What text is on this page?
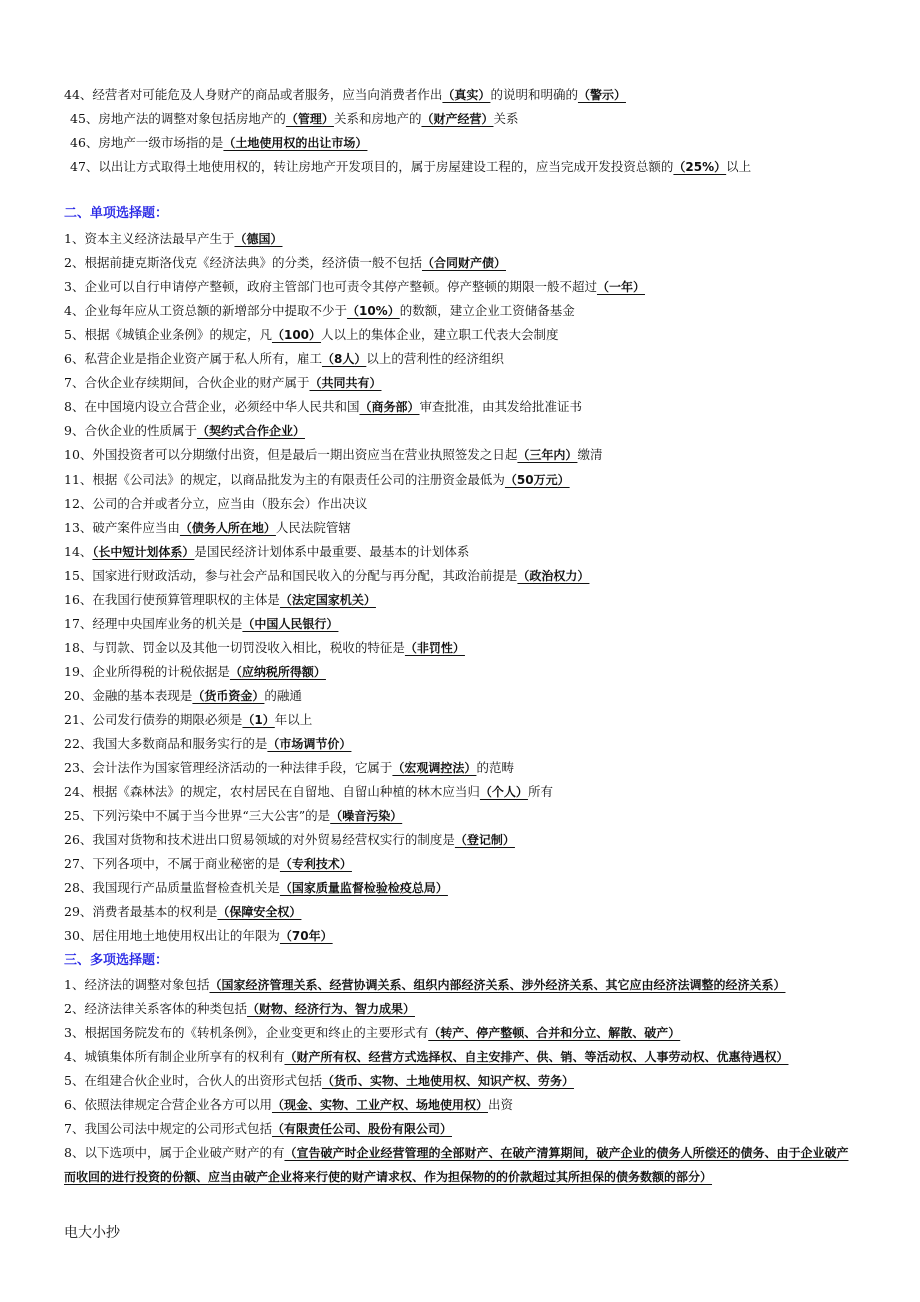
44、经营者对可能危及人身财产的商品或者服务，应当向消费者作出（真实）的说明和明确的（警示）
45、房地产法的调整对象包括房地产的（管理）关系和房地产的（财产经营）关系
46、房地产一级市场指的是（土地使用权的出让市场）
47、以出让方式取得土地使用权的，转让房地产开发项目的，属于房屋建设工程的，应当完成开发投资总额的（25%）以上
二、单项选择题：
1、资本主义经济法最早产生于（德国）
2、根据前捷克斯洛伐克《经济法典》的分类，经济债一般不包括（合同财产债）
3、企业可以自行申请停产整顿，政府主管部门也可责令其停产整顿。停产整顿的期限一般不超过（一年）
4、企业每年应从工资总额的新增部分中提取不少于（10%）的数额，建立企业工资储备基金
5、根据《城镇企业条例》的规定，凡（100）人以上的集体企业，建立职工代表大会制度
6、私营企业是指企业资产属于私人所有，雇工（8人）以上的营利性的经济组织
7、合伙企业存续期间，合伙企业的财产属于（共同共有）
8、在中国境内设立合营企业，必须经中华人民共和国（商务部）审查批准，由其发给批准证书
9、合伙企业的性质属于（契约式合作企业）
10、外国投资者可以分期缴付出资，但是最后一期出资应当在营业执照签发之日起（三年内）缴清
11、根据《公司法》的规定，以商品批发为主的有限责任公司的注册资金最低为（50万元）
12、公司的合并或者分立，应当由（股东会）作出决议
13、破产案件应当由（债务人所在地）人民法院管辖
14、（长中短计划体系）是国民经济计划体系中最重要、最基本的计划体系
15、国家进行财政活动，参与社会产品和国民收入的分配与再分配，其政治前提是（政治权力）
16、在我国行使预算管理职权的主体是（法定国家机关）
17、经理中央国库业务的机关是（中国人民银行）
18、与罚款、罚金以及其他一切罚没收入相比，税收的特征是（非罚性）
19、企业所得税的计税依据是（应纳税所得额）
20、金融的基本表现是（货币资金）的融通
21、公司发行债券的期限必须是（1）年以上
22、我国大多数商品和服务实行的是（市场调节价）
23、会计法作为国家管理经济活动的一种法律手段，它属于（宏观调控法）的范畴
24、根据《森林法》的规定，农村居民在自留地、自留山种植的林木应当归（个人）所有
25、下列污染中不属于当今世界“三大公害”的是（噪音污染）
26、我国对货物和技术进出口贸易领域的对外贸易经营权实行的制度是（登记制）
27、下列各项中，不属于商业秘密的是（专利技术）
28、我国现行产品质量监督检查机关是（国家质量监督检验检疫总局）
29、消费者最基本的权利是（保障安全权）
30、居住用地土地使用权出让的年限为（70年）
三、多项选择题：
1、经济法的调整对象包括（国家经济管理关系、经营协调关系、组织内部经济关系、涉外经济关系、其它应由经济法调整的经济关系）
2、经济法律关系客体的种类包括（财物、经济行为、智力成果）
3、根据国务院发布的《转机条例》，企业变更和终止的主要形式有（转产、停产整顿、合并和分立、解散、破产）
4、城镇集体所有制企业所享有的权利有（财产所有权、经营方式选择权、自主安排产、供、销、等活动权、人事劳动权、优惠待遇权）
5、在组建合伙企业时，合伙人的出资形式包括（货币、实物、土地使用权、知识产权、劳务）
6、依照法律规定合营企业各方可以用（现金、实物、工业产权、场地使用权）出资
7、我国公司法中规定的公司形式包括（有限责任公司、股份有限公司）
8、以下选项中，属于企业破产财产的有（宣告破产时企业经营管理的全部财产、在破产清算期间，破产企业的债务人所偿还的债务、由于企业破产而收回的进行投资的份额、应当由破产企业将来行使的财产请求权、作为担保物的的价款超过其所担保的债务数额的部分）
电大小抄
